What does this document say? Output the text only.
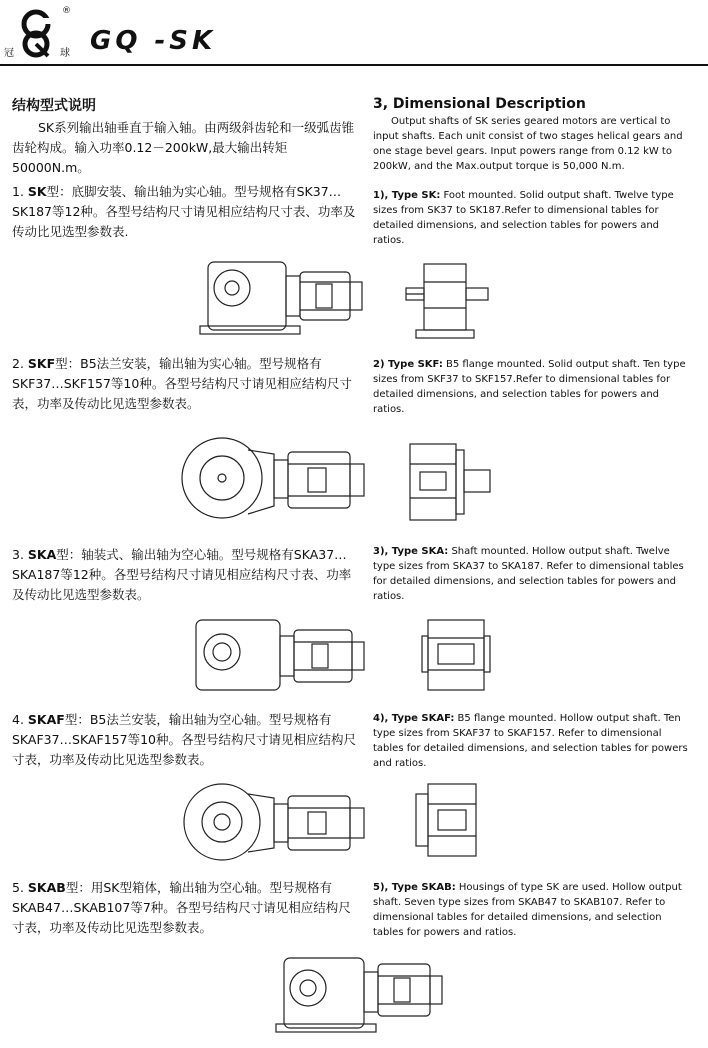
®
冠	球 GQ -SK
结构型式说明
SK系列输出轴垂直于输入轴。由两级斜齿轮和一级弧齿锥齿轮构成。输入功率0.12－200kW,最大输出转矩50000N.m。
3, Dimensional Description
Output shafts of SK series geared motors are vertical to input shafts. Each unit consist of two stages helical gears and one stage bevel gears. Input powers range from 0.12 kW to 200kW, and the Max.output torque is 50,000 N.m.
1. SK型：底脚安装、输出轴为实心轴。型号规格有SK37…SK187等12种。各型号结构尺寸请见相应结构尺寸表、功率及传动比见选型参数表.
1), Type SK: Foot mounted. Solid output shaft. Twelve type sizes from SK37 to SK187.Refer to dimensional tables for detailed dimensions, and selection tables for powers and ratios.
2. SKF型：B5法兰安装，输出轴为实心轴。型号规格有SKF37…SKF157等10种。各型号结构尺寸请见相应结构尺寸表，功率及传动比见选型参数表。
2) Type SKF: B5 flange mounted. Solid output shaft. Ten type sizes from SKF37 to SKF157.Refer to dimensional tables for detailed dimensions, and selection tables for powers and ratios.
3. SKA型：轴装式、输出轴为空心轴。型号规格有SKA37…SKA187等12种。各型号结构尺寸请见相应结构尺寸表、功率及传动比见选型参数表。
3), Type SKA: Shaft mounted. Hollow output shaft. Twelve type sizes from SKA37 to SKA187. Refer to dimensional tables for detailed dimensions, and selection tables for powers and ratios.
4. SKAF型：B5法兰安装，输出轴为空心轴。型号规格有SKAF37…SKAF157等10种。各型号结构尺寸请见相应结构尺寸表，功率及传动比见选型参数表。
4), Type SKAF: B5 flange mounted. Hollow output shaft. Ten type sizes from SKAF37 to SKAF157. Refer to dimensional tables for detailed dimensions, and selection tables for powers and ratios.
5. SKAB型：用SK型箱体，输出轴为空心轴。型号规格有SKAB47…SKAB107等7种。各型号结构尺寸请见相应结构尺寸表，功率及传动比见选型参数表。
5), Type SKAB: Housings of type SK are used. Hollow output shaft. Seven type sizes from SKAB47 to SKAB107. Refer to dimensional tables for detailed dimensions, and selection tables for powers and ratios.
